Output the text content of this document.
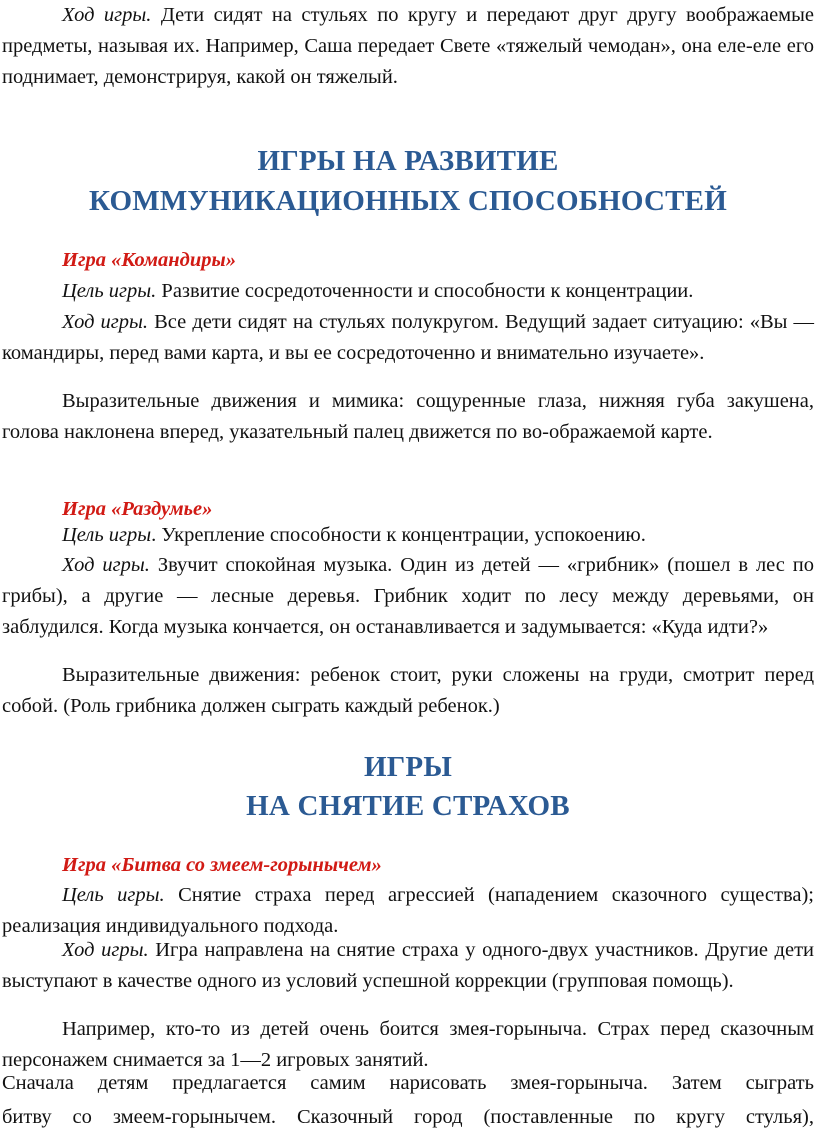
Ход игры. Дети сидят на стульях по кругу и передают друг другу воображаемые предметы, называя их. Например, Саша передает Свете «тяжелый чемодан», она еле-еле его поднимает, демонстрируя, какой он тяжелый.

ИГРЫ НА РАЗВИТИЕ
КОММУНИКАЦИОННЫХ СПОСОБНОСТЕЙ
Игра «Командиры»

Цель игры. Развитие сосредоточенности и способности к концентрации.

Ход игры. Все дети сидят на стульях полукругом. Ведущий задает ситуацию: «Вы — командиры, перед вами карта, и вы ее сосредоточенно и внимательно изучаете».

Выразительные движения и мимика: сощуренные глаза, нижняя губа закушена, голова наклонена вперед, указательный палец движется по во-ображаемой карте.

Игра «Раздумье»

Цель игры. Укрепление способности к концентрации, успокоению.

Ход игры. Звучит спокойная музыка. Один из детей — «грибник» (пошел в лес по грибы), а другие — лесные деревья. Грибник ходит по лесу между деревьями, он заблудился. Когда музыка кончается, он останавливается и задумывается: «Куда идти?»

Выразительные движения: ребенок стоит, руки сложены на груди, смотрит перед собой. (Роль грибника должен сыграть каждый ребенок.)

ИГРЫ
НА СНЯТИЕ СТРАХОВ
Игра «Битва со змеем-горынычем»

Цель игры. Снятие страха перед агрессией (нападением сказочного существа); реализация индивидуального подхода.

Ход игры. Игра направлена на снятие страха у одного-двух участников. Другие дети выступают в качестве одного из условий успешной коррекции (групповая помощь).

Например, кто-то из детей очень боится змея-горыныча. Страх перед сказочным персонажем снимается за 1—2 игровых занятий.

Сначала детям предлагается самим нарисовать змея-горыныча. Затем сыграть

битву со змеем-горынычем. Сказочный город (поставленные по кругу стулья),
